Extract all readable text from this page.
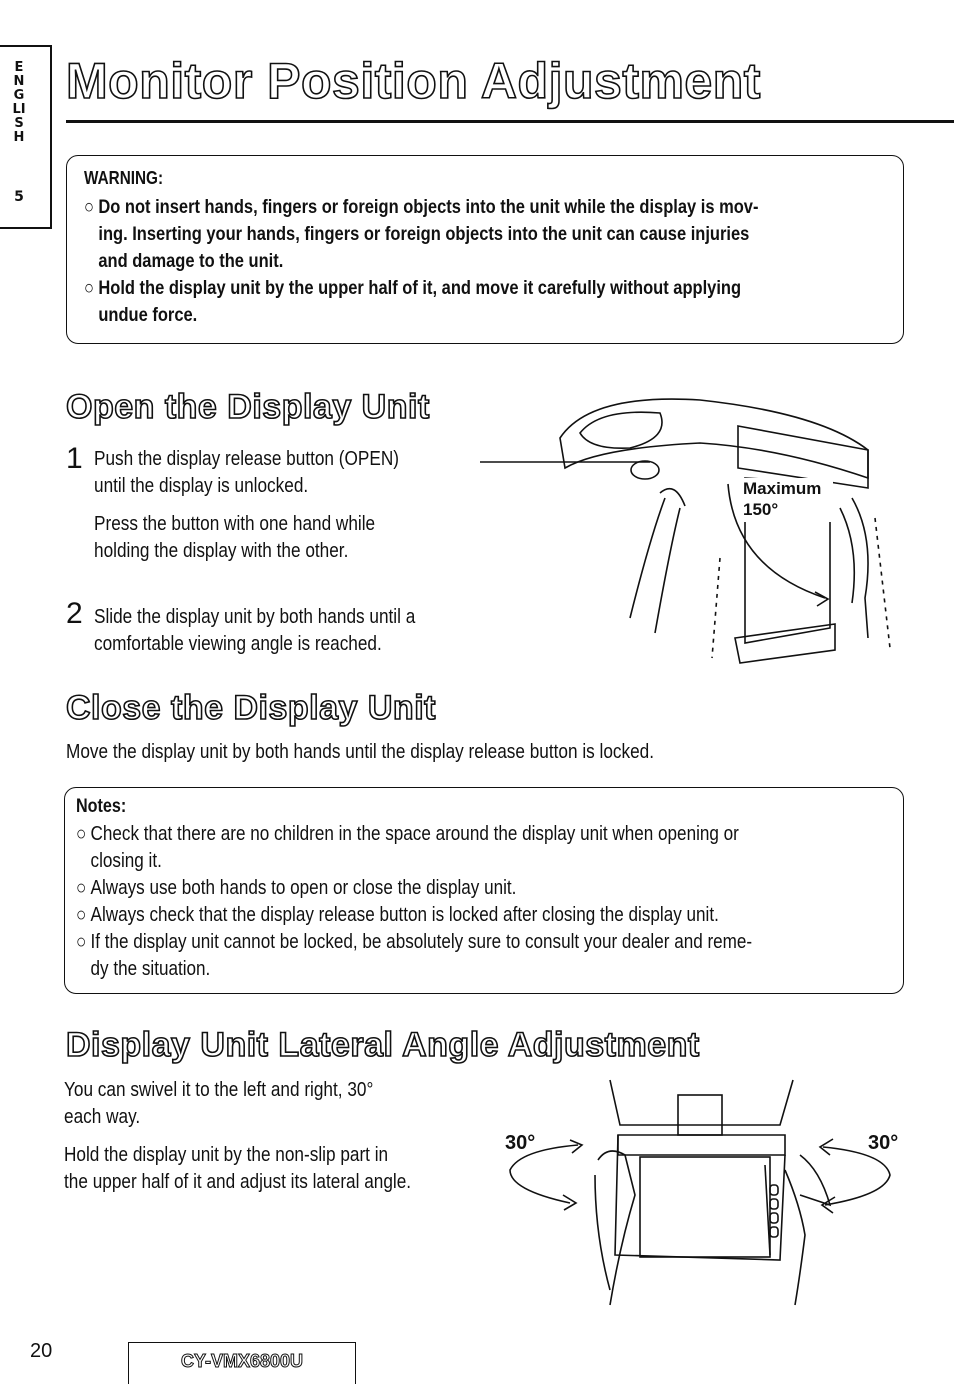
ENGLISH
5
Monitor Position Adjustment
WARNING:
○ Do not insert hands, fingers or foreign objects into the unit while the display is mov-
ing. Inserting your hands, fingers or foreign objects into the unit can cause injuries
and damage to the unit.
○ Hold the display unit by the upper half of it, and move it carefully without applying
undue force.
Open the Display Unit
1 Push the display release button (OPEN)
until the display is unlocked.
Press the button with one hand while
holding the display with the other.
2 Slide the display unit by both hands until a
comfortable viewing angle is reached.
Maximum
150°
Close the Display Unit
Move the display unit by both hands until the display release button is locked.
Notes:
○ Check that there are no children in the space around the display unit when opening or
closing it.
○ Always use both hands to open or close the display unit.
○ Always check that the display release button is locked after closing the display unit.
○ If the display unit cannot be locked, be absolutely sure to consult your dealer and reme-
dy the situation.
Display Unit Lateral Angle Adjustment
You can swivel it to the left and right, 30°
each way.
Hold the display unit by the non-slip part in
the upper half of it and adjust its lateral angle.
30°	30°
20	CY-VMX6800U
